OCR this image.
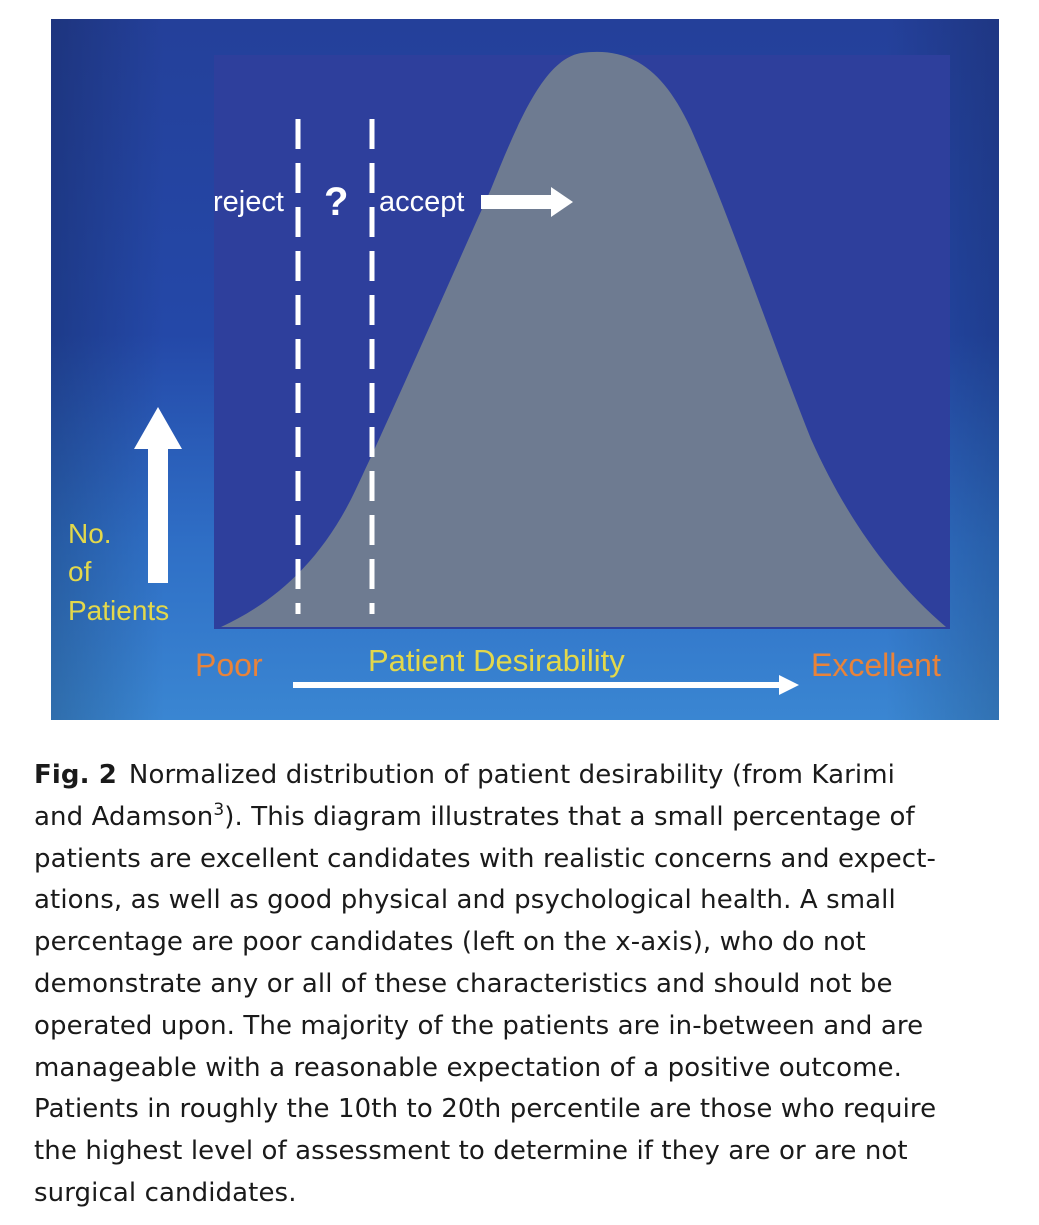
reject ? accept
No.
of
Patients
Poor	Patient Desirability	Excellent

Fig. 2 Normalized distribution of patient desirability (from Karimi
and Adamson$^3$). This diagram illustrates that a small percentage of
patients are excellent candidates with realistic concerns and expect-
ations, as well as good physical and psychological health. A small
percentage are poor candidates (left on the x-axis), who do not
demonstrate any or all of these characteristics and should not be
operated upon. The majority of the patients are in-between and are
manageable with a reasonable expectation of a positive outcome.
Patients in roughly the 10th to 20th percentile are those who require
the highest level of assessment to determine if they are or are not
surgical candidates.
